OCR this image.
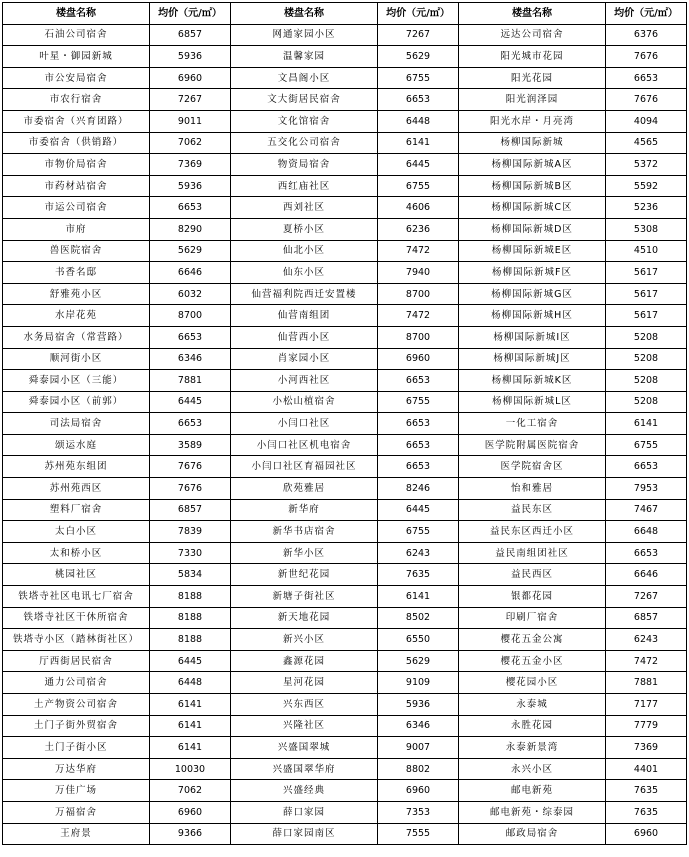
楼盘名称	均价（元/㎡）	楼盘名称	均价（元/㎡）	楼盘名称	均价（元/㎡）
石油公司宿舍	6857	网通家园小区	7267	远达公司宿舍	6376
叶星・御园新城	5936	温馨家园	5629	阳光城市花园	7676
市公安局宿舍	6960	文昌阁小区	6755	阳光花园	6653
市农行宿舍	7267	文大街居民宿舍	6653	阳光润泽园	7676
市委宿舍（兴育团路）	9011	文化馆宿舍	6448	阳光水岸・月亮湾	4094
市委宿舍（供销路）	7062	五交化公司宿舍	6141	杨柳国际新城	4565
市物价局宿舍	7369	物资局宿舍	6445	杨柳国际新城A区	5372
市药材站宿舍	5936	西红庙社区	6755	杨柳国际新城B区	5592
市运公司宿舍	6653	西刘社区	4606	杨柳国际新城C区	5236
市府	8290	夏桥小区	6236	杨柳国际新城D区	5308
兽医院宿舍	5629	仙北小区	7472	杨柳国际新城E区	4510
书香名邸	6646	仙东小区	7940	杨柳国际新城F区	5617
舒雅苑小区	6032	仙营福利院西迁安置楼	8700	杨柳国际新城G区	5617
水岸花苑	8700	仙营南组团	7472	杨柳国际新城H区	5617
水务局宿舍（常营路）	6653	仙营西小区	8700	杨柳国际新城I区	5208
顺河街小区	6346	肖家园小区	6960	杨柳国际新城J区	5208
舜泰园小区（三能）	7881	小河西社区	6653	杨柳国际新城K区	5208
舜泰园小区（前郭）	6445	小松山植宿舍	6755	杨柳国际新城L区	5208
司法局宿舍	6653	小闫口社区	6653	一化工宿舍	6141
颂运水庭	3589	小闫口社区机电宿舍	6653	医学院附属医院宿舍	6755
苏州苑东组团	7676	小闫口社区育福园社区	6653	医学院宿舍区	6653
苏州苑西区	7676	欣苑雅居	8246	怡和雅居	7953
塑料厂宿舍	6857	新华府	6445	益民东区	7467
太白小区	7839	新华书店宿舍	6755	益民东区西迁小区	6648
太和桥小区	7330	新华小区	6243	益民南组团社区	6653
桃园社区	5834	新世纪花园	7635	益民西区	6646
铁塔寺社区电讯七厂宿舍	8188	新塘子街社区	6141	银都花园	7267
铁塔寺社区干休所宿舍	8188	新天地花园	8502	印刷厂宿舍	6857
铁塔寺小区（踏林街社区）	8188	新兴小区	6550	樱花五金公寓	6243
厅西街居民宿舍	6445	鑫源花园	5629	樱花五金小区	7472
通力公司宿舍	6448	星河花园	9109	樱花园小区	7881
土产物资公司宿舍	6141	兴东西区	5936	永泰城	7177
土门子街外贸宿舍	6141	兴隆社区	6346	永胜花园	7779
土门子街小区	6141	兴盛国翠城	9007	永泰新景湾	7369
万达华府	10030	兴盛国翠华府	8802	永兴小区	4401
万佳广场	7062	兴盛经典	6960	邮电新苑	7635
万福宿舍	6960	薛口家园	7353	邮电新苑・综泰园	7635
王府景	9366	薛口家园南区	7555	邮政局宿舍	6960
